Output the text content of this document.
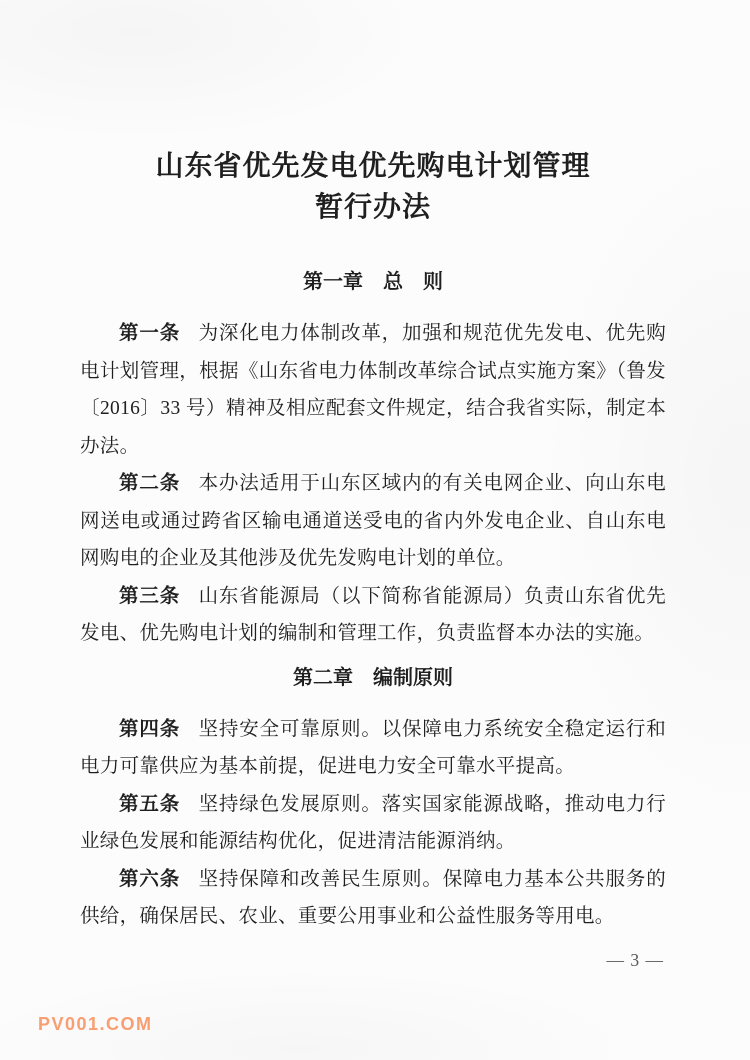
山东省优先发电优先购电计划管理
暂行办法
第一章　总　则

第一条 为深化电力体制改革，加强和规范优先发电、优先购电计划管理，根据《山东省电力体制改革综合试点实施方案》（鲁发〔2016〕33 号）精神及相应配套文件规定，结合我省实际，制定本办法。

第二条 本办法适用于山东区域内的有关电网企业、向山东电网送电或通过跨省区输电通道送受电的省内外发电企业、自山东电网购电的企业及其他涉及优先发购电计划的单位。

第三条 山东省能源局（以下简称省能源局）负责山东省优先发电、优先购电计划的编制和管理工作，负责监督本办法的实施。

第二章　编制原则

第四条 坚持安全可靠原则。以保障电力系统安全稳定运行和电力可靠供应为基本前提，促进电力安全可靠水平提高。

第五条 坚持绿色发展原则。落实国家能源战略，推动电力行业绿色发展和能源结构优化，促进清洁能源消纳。

第六条 坚持保障和改善民生原则。保障电力基本公共服务的供给，确保居民、农业、重要公用事业和公益性服务等用电。

— 3 —
PV001.COM
